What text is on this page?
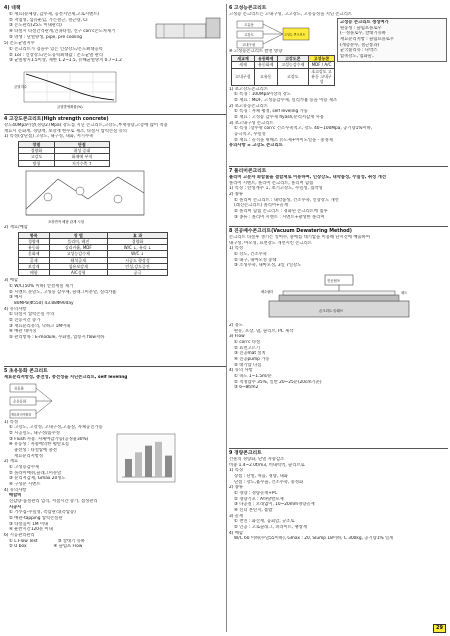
4) 대책
① 재료(분체량, 감수제, 응결지연제,고로시멘트)
② 저염성, 섬유운입, 가는철근, 철근량, CI
③ 온도관리(25도 이내관리)
④ 타설시 타설간격관계,연속타설, 신구 con'c온도차제거
⑤ 양생 : 단열양생, pipe, pre cooling
5) 온도균열지수
① 콘크리트가 겪을수 있는 인장강도/온도최대응력
② 1or : 인장강도/온도응력최대값 : 온도균열 관리
③ 균열방지1.5이상, 제한 1.2~1.5, 유해균열방지 0.7~1.2
균열지수
균열발생확률(%)
4 고강도콘크리트(High strength concrete)
강도40Mpa이상(경량27Mpa) 강도를 지닌 콘크리트,고강도,부재경량,고층에 많이 적용
재료시 문화계, 경량계, 보강재 현수로 제조, 타설시 압력손실 유의
1) 특성(장단점) 고강도, 내구성, 내화, 저기수축
장점	단점
경량화	취성 증대
고강도	화재에 부적
방청	저가수축 ↑
포장면적 배합 관계 시험
2) 재료/배합
항목	장 법	효 과
경량재	플리머, 레진	경량화
유동화	실리카흄, MDF	W/C ↓, 유리 ↓
혼화제	고성능감수제	W/C ↓
골재	쇄석골재	시공도 향상성
보강재	섬유보강재	인성,강도증진
배합	A/C성형	공극
3) 배합
① W/C(50% 이하) 안결재질 제거
② 시멘트 분말도, 고성능 감수제, 슬래그미분말, 실리카흄
③ 예시
80MPa(Φ55d) 43.88Φ90day
4) 유의사항
① 타설시 압력손실 주의
② 진동시간 증가
③ 재료분리유의, 낙하고 1M이내
④ 배관 대미징
⑤ 관리항목 : E-module, 수화열, 압송시 flow저하
5 초유동화 콘크리트
재료분리저항성, 충전성, 충전성을 지닌콘크리트, self leveling
유동화
초유동화
재료분리저항성
1) 특성
① 고강도, 고강성, 고내구성,고품질, 자체공진가능
② 시공밀도, 내구성/흡수성
③ Flush 사용. 자체마감가능(공정율30%)
※ 유동성 : 자중에의한 평탄흐름
충전성 : 타설압에 충전
재료분리저항성
2) 재료
① 고성능감수제
② 플라이애쉬,슬래그미분말
③ 분리저감제, Gmax 20정도
④ 구성분 시멘트
4) 유의사항
배합비
진감량-품질관리 엄격, 저점시간 증가, 점성관리
시공시
① 거푸집-수밀성, 측압관리(측압증)
② 배관-tapping 압력손실관
③ 타설높이 1M 이내
④ 운반시간120분 이내
6) 시공관리관리
① L Flow Test	③ 깔대기 유하
② U box	④ 슬럼프 Flow
6 고성능콘크리트
고성능 콘크리트는 고내구성, 고고강도, 고유동성을 지닌 콘크리트
고유동
고강도
고내구성
고성능 콘크리트
고성능 콘크리트 생성여가
원동성 : 슬럼프플로우
(ㅡ성플로우, 깔대기유하
재료분리저항 : 슬럼프플로우
(계층분수, 철근통과)
균국불리유 : 나박스
압축강도, 염화물..
※ 고성능콘크리트 발전 방향
새교재	유동화제	고강도콘	고성능콘
새재	유동화제	고성능감수제	MDF / A/C
고내구성	고유동	고강도	초고강도 고유동 고내구성
1) 초고강도콘크리트
① 특징 : 100Mpa이상의 강도
② 재료 : MDF, 고성능감수제, 실리카흄 등을 이용 제조
2) 초고유동콘크리트
① 특징 : 자체 평정, self leveling 가능
② 재료 : 고성능 감수제 flyash,분리저감재 사용
3) 초고내구성 콘크리트
① 특징 :장수명 con'c 건조수축적고, 강도 40~100Mpa, 공기량1%이하,
공극적고, 수밀성
② 재료 : 골격을 위해조 유도제+아이노일을 - 중정제
유의사항 = 고강도 콘크리트
7 폴리머콘크리트
폴리머 고분자 화합물을 결합재로 이용하여, 인장강도, 내약품성, 수밀성, 취성 개선
폴리머 시멘트, 폴리머 콘크리트, 폴리머 함침
1) 특징 : 탄성계수 ↓, 초기고강도, 수밀성, 접착성
2) 종류
① 폴리머 콘크리트 : 내약품성, 건조수축, 인장강도 개선
(레진콘크리트) 폴리머+골재
② 폴리머 함침 콘크리트 : 경화된 콘크리트에 침투
③ 종류 : 폴리머 시멘트 : 시멘트+광성한 폴리머
8 진공배수콘크리트(Vacuum Dewatering Method)
콘크리트 타설후 생기는 잉여수, 충에를 대기압을 이용해 단시간에 배출하여
내구성, 마모성, 표면강도 개선시킨 콘크리트
1) 특성
① 강도, 건조수축
② 내구, 내마모성 증대
③ 소성수축, 내마모성, 3일 7일강도
진공펌프
매트
배수필터
콘크리트 슬래브
2) 용도
판유, 포장, 댐, 슬리브, PC 제작
3) Flow
① con'c 타설
② 표면고르기
③ 진공mat 설치
④ 진공pump 가동
⑤ 대기압 다짐
4) 유의 사항
① 속도 1~1.5m/분
② 적정압수 35%, 일반 20~25분(20cm기준)
③ 6~8t/m2
9 경량콘크리트
건물의 경량화, 단열 자중감소
비중 1.4~2.0t/m3, 비내력벽, 슬리브로
1) 특징
장점 : 단열, 차음, 경량, 내화
단점 : 강도,흡수율, 건조수축, 중성화
2) 종류
① 경량 : 경량골재+PC
② 경량기포 : A바탕발포제
③ 다공질 : 모래없이, 10~20mm경량골재
④ 신더 혼탄지, 톱밥
3) 골재
① 천연 : 화산재, 응회암, 규조토
② 인공 : 고로슬래그, 퍼라이트, 팽창재
4) 배합
W/C 60 이하(수밀55이하), Gmax : 20, Slump 18이하, C 300kg, 공기량1% 일게
29
